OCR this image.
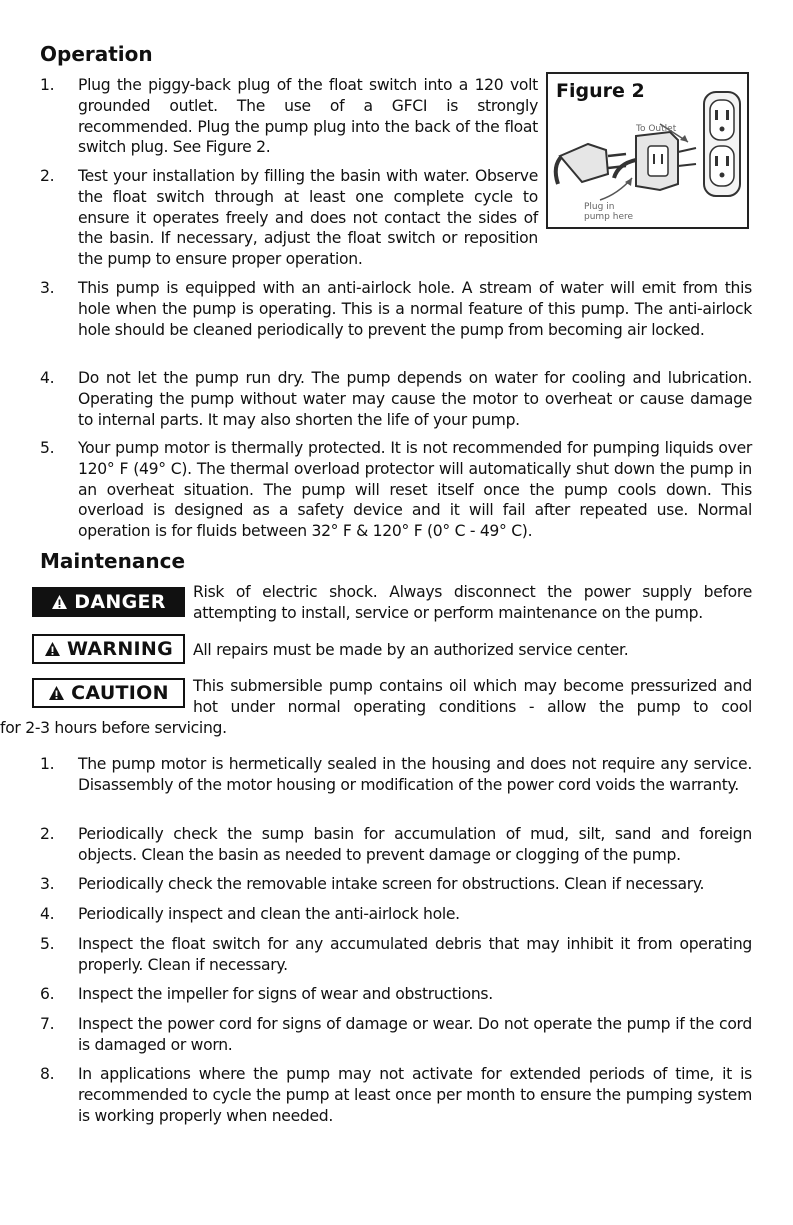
Operation
1. Plug the piggy-back plug of the float switch into a 120 volt grounded outlet. The use of a GFCI is strongly recommended. Plug the pump plug into the back of the float switch plug. See Figure 2.
2. Test your installation by filling the basin with water. Observe the float switch through at least one complete cycle to ensure it operates freely and does not contact the sides of the basin. If necessary, adjust the float switch or reposition the pump to ensure proper operation.
Figure 2
To Outlet
Plug in
pump here
3. This pump is equipped with an anti-airlock hole. A stream of water will emit from this hole when the pump is operating. This is a normal feature of this pump. The anti-airlock hole should be cleaned periodically to prevent the pump from becoming air locked.
4. Do not let the pump run dry. The pump depends on water for cooling and lubrication. Operating the pump without water may cause the motor to overheat or cause damage to internal parts. It may also shorten the life of your pump.
5. Your pump motor is thermally protected. It is not recommended for pumping liquids over 120° F (49° C). The thermal overload protector will automatically shut down the pump in an overheat situation. The pump will reset itself once the pump cools down. This overload is designed as a safety device and it will fail after repeated use. Normal operation is for fluids between 32° F & 120° F (0° C - 49° C).
Maintenance
DANGER Risk of electric shock. Always disconnect the power supply before attempting to install, service or perform maintenance on the pump.
WARNING All repairs must be made by an authorized service center.
CAUTION This submersible pump contains oil which may become pressurized and hot under normal operating conditions - allow the pump to cool
for 2-3 hours before servicing.
1. The pump motor is hermetically sealed in the housing and does not require any service. Disassembly of the motor housing or modification of the power cord voids the warranty.
2. Periodically check the sump basin for accumulation of mud, silt, sand and foreign objects. Clean the basin as needed to prevent damage or clogging of the pump.
3. Periodically check the removable intake screen for obstructions. Clean if necessary.
4. Periodically inspect and clean the anti-airlock hole.
5. Inspect the float switch for any accumulated debris that may inhibit it from operating properly. Clean if necessary.
6. Inspect the impeller for signs of wear and obstructions.
7. Inspect the power cord for signs of damage or wear. Do not operate the pump if the cord is damaged or worn.
8. In applications where the pump may not activate for extended periods of time, it is recommended to cycle the pump at least once per month to ensure the pumping system is working properly when needed.
